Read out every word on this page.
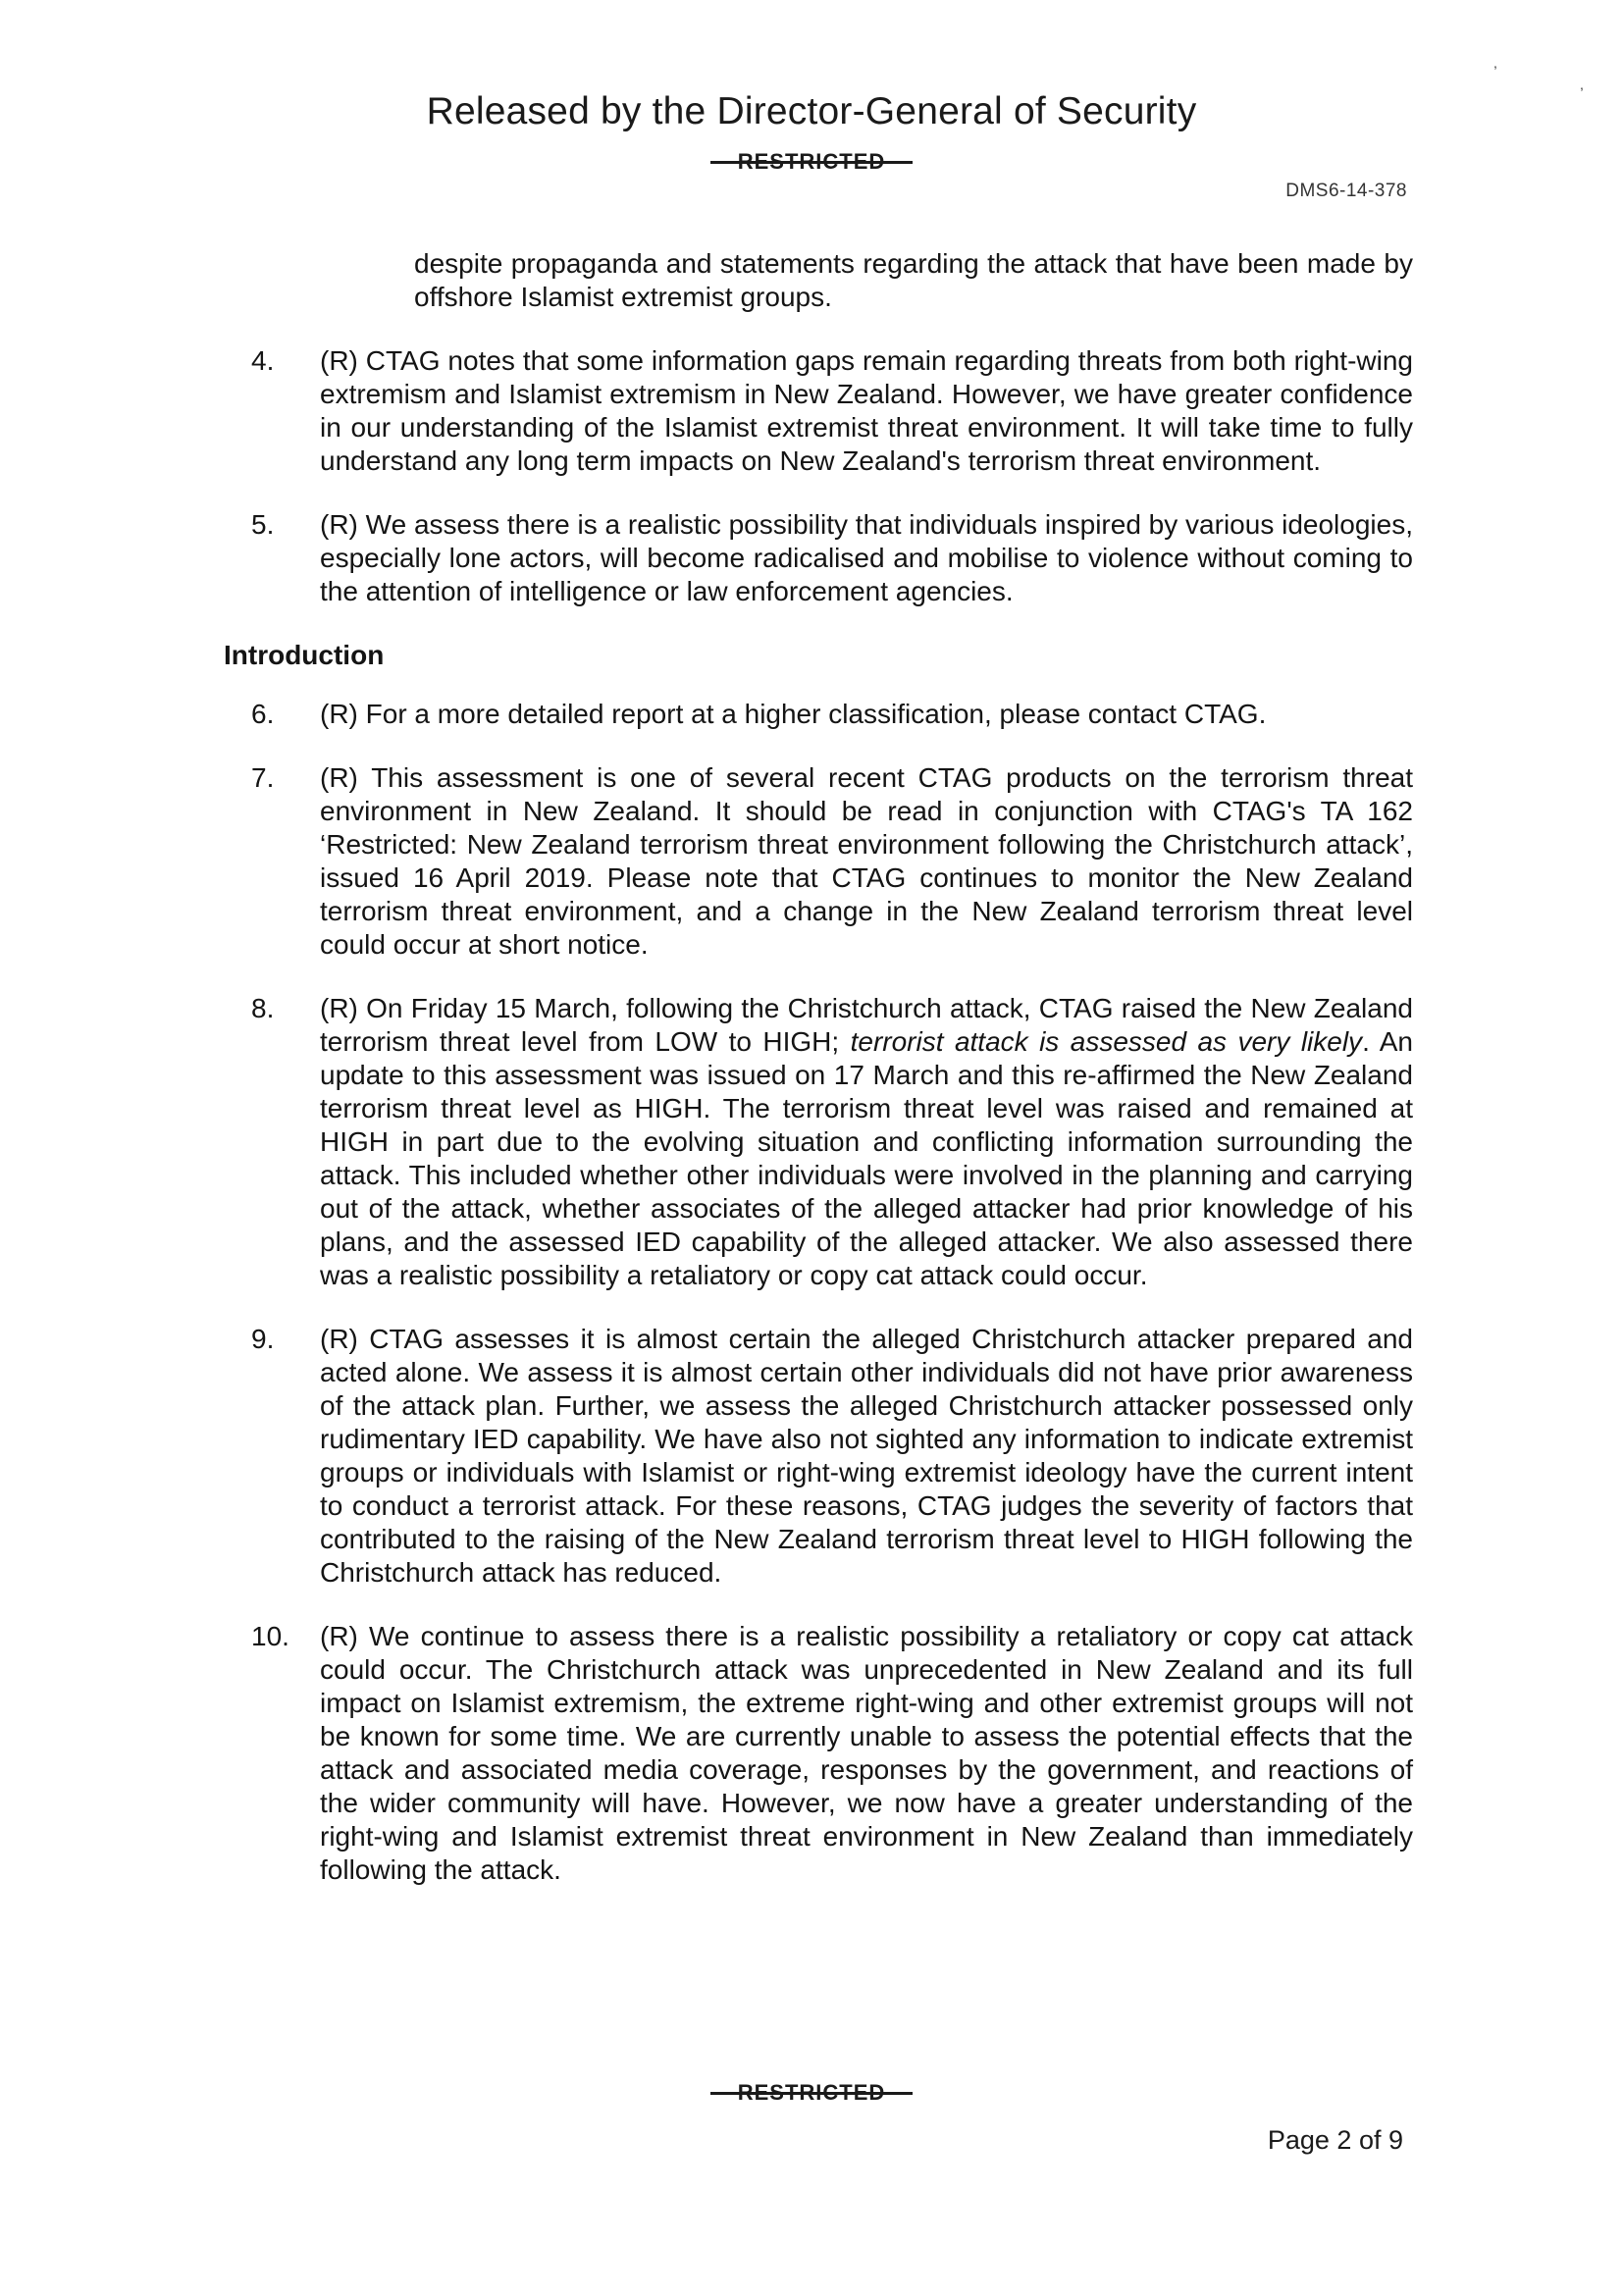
,
,
Released by the Director-General of Security
RESTRICTED
DMS6-14-378
despite propaganda and statements regarding the attack that have been made by offshore Islamist extremist groups.
4.	(R) CTAG notes that some information gaps remain regarding threats from both right-wing extremism and Islamist extremism in New Zealand. However, we have greater confidence in our understanding of the Islamist extremist threat environment. It will take time to fully understand any long term impacts on New Zealand's terrorism threat environment.
5.	(R) We assess there is a realistic possibility that individuals inspired by various ideologies, especially lone actors, will become radicalised and mobilise to violence without coming to the attention of intelligence or law enforcement agencies.
Introduction
6.	(R) For a more detailed report at a higher classification, please contact CTAG.
7.	(R) This assessment is one of several recent CTAG products on the terrorism threat environment in New Zealand. It should be read in conjunction with CTAG's TA 162 ‘Restricted: New Zealand terrorism threat environment following the Christchurch attack’, issued 16 April 2019. Please note that CTAG continues to monitor the New Zealand terrorism threat environment, and a change in the New Zealand terrorism threat level could occur at short notice.
8.	(R) On Friday 15 March, following the Christchurch attack, CTAG raised the New Zealand terrorism threat level from LOW to HIGH; terrorist attack is assessed as very likely. An update to this assessment was issued on 17 March and this re-affirmed the New Zealand terrorism threat level as HIGH. The terrorism threat level was raised and remained at HIGH in part due to the evolving situation and conflicting information surrounding the attack. This included whether other individuals were involved in the planning and carrying out of the attack, whether associates of the alleged attacker had prior knowledge of his plans, and the assessed IED capability of the alleged attacker. We also assessed there was a realistic possibility a retaliatory or copy cat attack could occur.
9.	(R) CTAG assesses it is almost certain the alleged Christchurch attacker prepared and acted alone. We assess it is almost certain other individuals did not have prior awareness of the attack plan. Further, we assess the alleged Christchurch attacker possessed only rudimentary IED capability. We have also not sighted any information to indicate extremist groups or individuals with Islamist or right-wing extremist ideology have the current intent to conduct a terrorist attack. For these reasons, CTAG judges the severity of factors that contributed to the raising of the New Zealand terrorism threat level to HIGH following the Christchurch attack has reduced.
10.	(R) We continue to assess there is a realistic possibility a retaliatory or copy cat attack could occur. The Christchurch attack was unprecedented in New Zealand and its full impact on Islamist extremism, the extreme right-wing and other extremist groups will not be known for some time. We are currently unable to assess the potential effects that the attack and associated media coverage, responses by the government, and reactions of the wider community will have. However, we now have a greater understanding of the right-wing and Islamist extremist threat environment in New Zealand than immediately following the attack.
RESTRICTED
Page 2 of 9
